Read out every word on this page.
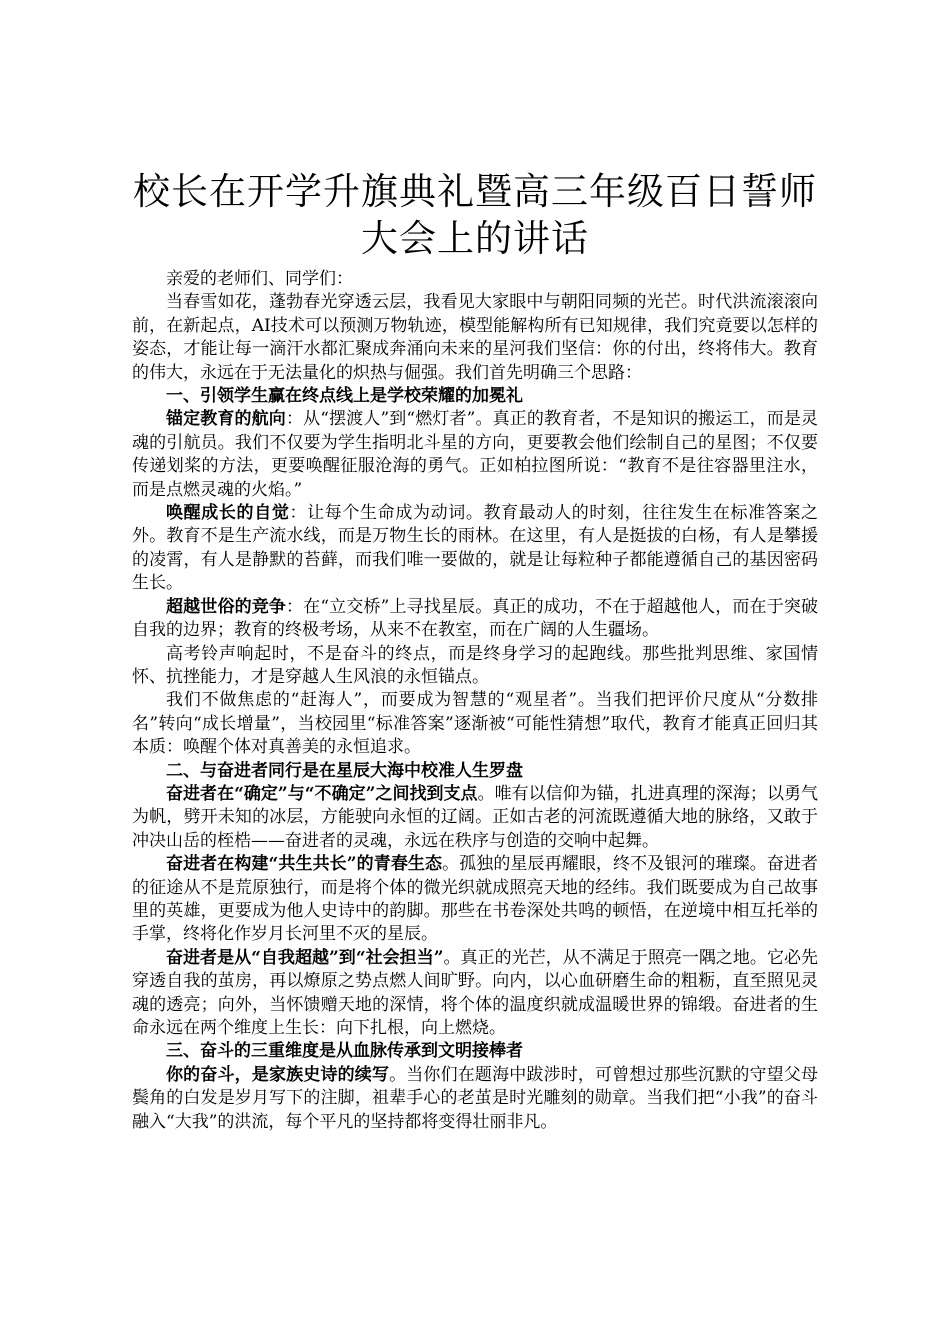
校长在开学升旗典礼暨高三年级百日誓师大会上的讲话

亲爱的老师们、同学们：

当春雪如花，蓬勃春光穿透云层，我看见大家眼中与朝阳同频的光芒。时代洪流滚滚向前，在新起点，AI技术可以预测万物轨迹，模型能解构所有已知规律，我们究竟要以怎样的姿态，才能让每一滴汗水都汇聚成奔涌向未来的星河我们坚信：你的付出，终将伟大。教育的伟大，永远在于无法量化的炽热与倔强。我们首先明确三个思路：

一、引领学生赢在终点线上是学校荣耀的加冕礼

锚定教育的航向：从“摆渡人”到“燃灯者”。真正的教育者，不是知识的搬运工，而是灵魂的引航员。我们不仅要为学生指明北斗星的方向，更要教会他们绘制自己的星图；不仅要传递划桨的方法，更要唤醒征服沧海的勇气。正如柏拉图所说：“教育不是往容器里注水，而是点燃灵魂的火焰。”

唤醒成长的自觉：让每个生命成为动词。教育最动人的时刻，往往发生在标准答案之外。教育不是生产流水线，而是万物生长的雨林。在这里，有人是挺拔的白杨，有人是攀援的凌霄，有人是静默的苔藓，而我们唯一要做的，就是让每粒种子都能遵循自己的基因密码生长。

超越世俗的竞争：在“立交桥”上寻找星辰。真正的成功，不在于超越他人，而在于突破自我的边界；教育的终极考场，从来不在教室，而在广阔的人生疆场。

高考铃声响起时，不是奋斗的终点，而是终身学习的起跑线。那些批判思维、家国情怀、抗挫能力，才是穿越人生风浪的永恒锚点。

我们不做焦虑的“赶海人”，而要成为智慧的“观星者”。当我们把评价尺度从“分数排名”转向“成长增量”，当校园里“标准答案”逐渐被“可能性猜想”取代，教育才能真正回归其本质：唤醒个体对真善美的永恒追求。

二、与奋进者同行是在星辰大海中校准人生罗盘

奋进者在“确定”与“不确定”之间找到支点。唯有以信仰为锚，扎进真理的深海；以勇气为帆，劈开未知的冰层，方能驶向永恒的辽阔。正如古老的河流既遵循大地的脉络，又敢于冲决山岳的桎梏——奋进者的灵魂，永远在秩序与创造的交响中起舞。

奋进者在构建“共生共长”的青春生态。孤独的星辰再耀眼，终不及银河的璀璨。奋进者的征途从不是荒原独行，而是将个体的微光织就成照亮天地的经纬。我们既要成为自己故事里的英雄，更要成为他人史诗中的韵脚。那些在书卷深处共鸣的顿悟，在逆境中相互托举的手掌，终将化作岁月长河里不灭的星辰。

奋进者是从“自我超越”到“社会担当”。真正的光芒，从不满足于照亮一隅之地。它必先穿透自我的茧房，再以燎原之势点燃人间旷野。向内，以心血研磨生命的粗粝，直至照见灵魂的透亮；向外，当怀馈赠天地的深情，将个体的温度织就成温暖世界的锦缎。奋进者的生命永远在两个维度上生长：向下扎根，向上燃烧。

三、奋斗的三重维度是从血脉传承到文明接棒者

你的奋斗，是家族史诗的续写。当你们在题海中跋涉时，可曾想过那些沉默的守望父母鬓角的白发是岁月写下的注脚，祖辈手心的老茧是时光雕刻的勋章。当我们把“小我”的奋斗融入“大我”的洪流，每个平凡的坚持都将变得壮丽非凡。
